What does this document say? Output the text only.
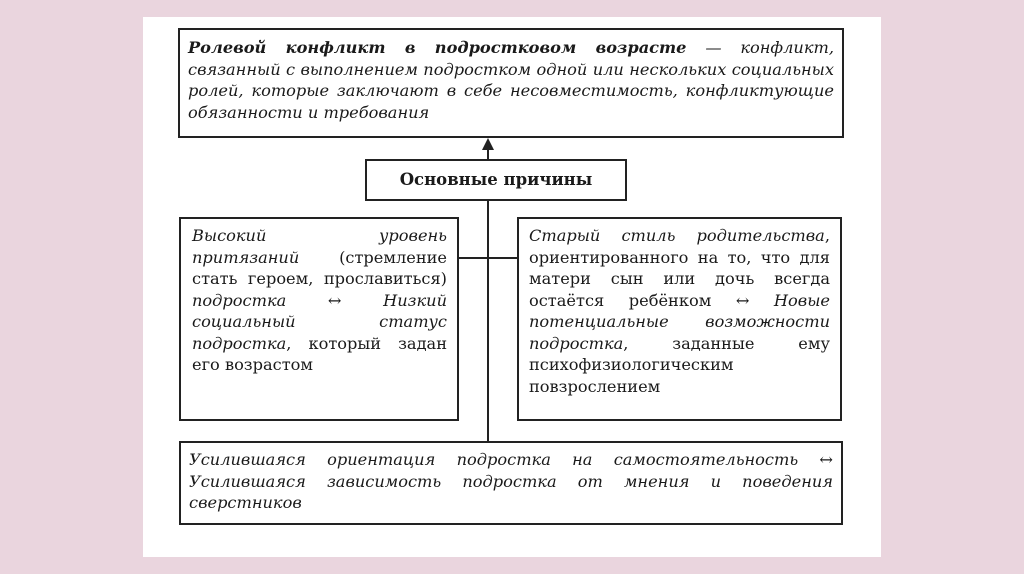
Ролевой конфликт в подростковом возрасте — конфликт, связанный с выполнением подростком одной или нескольких социальных ролей, которые заключают в себе несовместимость, конфликтующие обязанности и требования

Основные причины

Высокий уровень притязаний (стремление стать героем, прославиться) подростка ↔ Низкий социальный статус подростка, который задан его возрастом

Старый стиль родительства, ориентированного на то, что для матери сын или дочь всегда остаётся ребёнком ↔ Новые потенциальные возможности подростка, заданные ему психофизиологическим повзрослением

Усилившаяся ориентация подростка на самостоятельность ↔ Усилившаяся зависимость подростка от мнения и поведения сверстников
